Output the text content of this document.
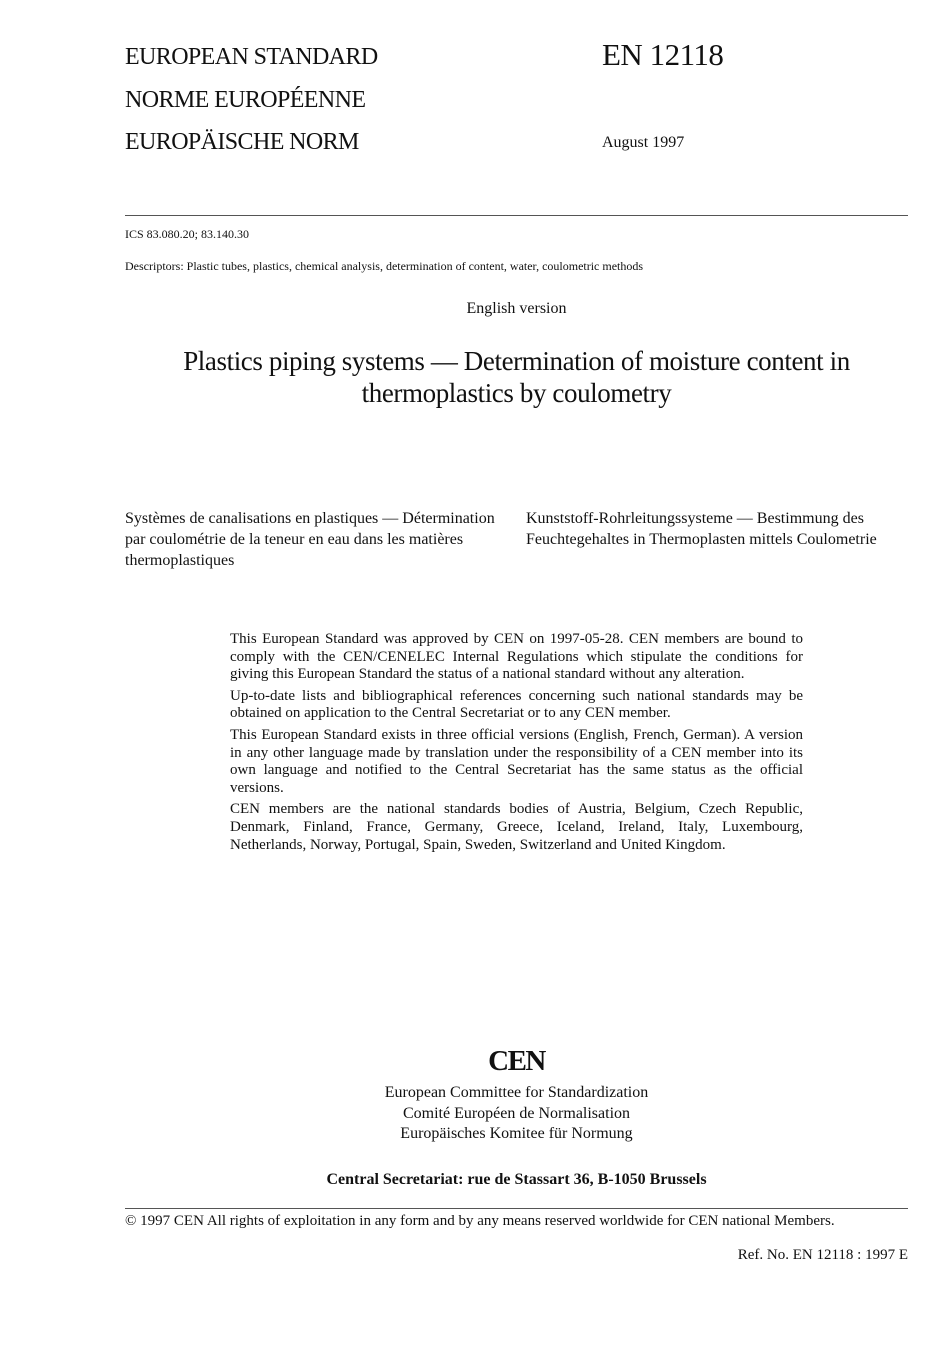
EUROPEAN STANDARD
NORME EUROPÉENNE
EUROPÄISCHE NORM
EN 12118
August 1997
ICS 83.080.20; 83.140.30
Descriptors: Plastic tubes, plastics, chemical analysis, determination of content, water, coulometric methods
English version
Plastics piping systems — Determination of moisture content in thermoplastics by coulometry
Systèmes de canalisations en plastiques — Détermination par coulométrie de la teneur en eau dans les matières thermoplastiques
Kunststoff-Rohrleitungssysteme — Bestimmung des Feuchtegehaltes in Thermoplasten mittels Coulometrie

This European Standard was approved by CEN on 1997-05-28. CEN members are bound to comply with the CEN/CENELEC Internal Regulations which stipulate the conditions for giving this European Standard the status of a national standard without any alteration.

Up-to-date lists and bibliographical references concerning such national standards may be obtained on application to the Central Secretariat or to any CEN member.

This European Standard exists in three official versions (English, French, German). A version in any other language made by translation under the responsibility of a CEN member into its own language and notified to the Central Secretariat has the same status as the official versions.

CEN members are the national standards bodies of Austria, Belgium, Czech Republic, Denmark, Finland, France, Germany, Greece, Iceland, Ireland, Italy, Luxembourg, Netherlands, Norway, Portugal, Spain, Sweden, Switzerland and United Kingdom.

CEN
European Committee for Standardization
Comité Européen de Normalisation
Europäisches Komitee für Normung
Central Secretariat: rue de Stassart 36, B-1050 Brussels
© 1997 CEN All rights of exploitation in any form and by any means reserved worldwide for CEN national Members.
Ref. No. EN 12118 : 1997 E
